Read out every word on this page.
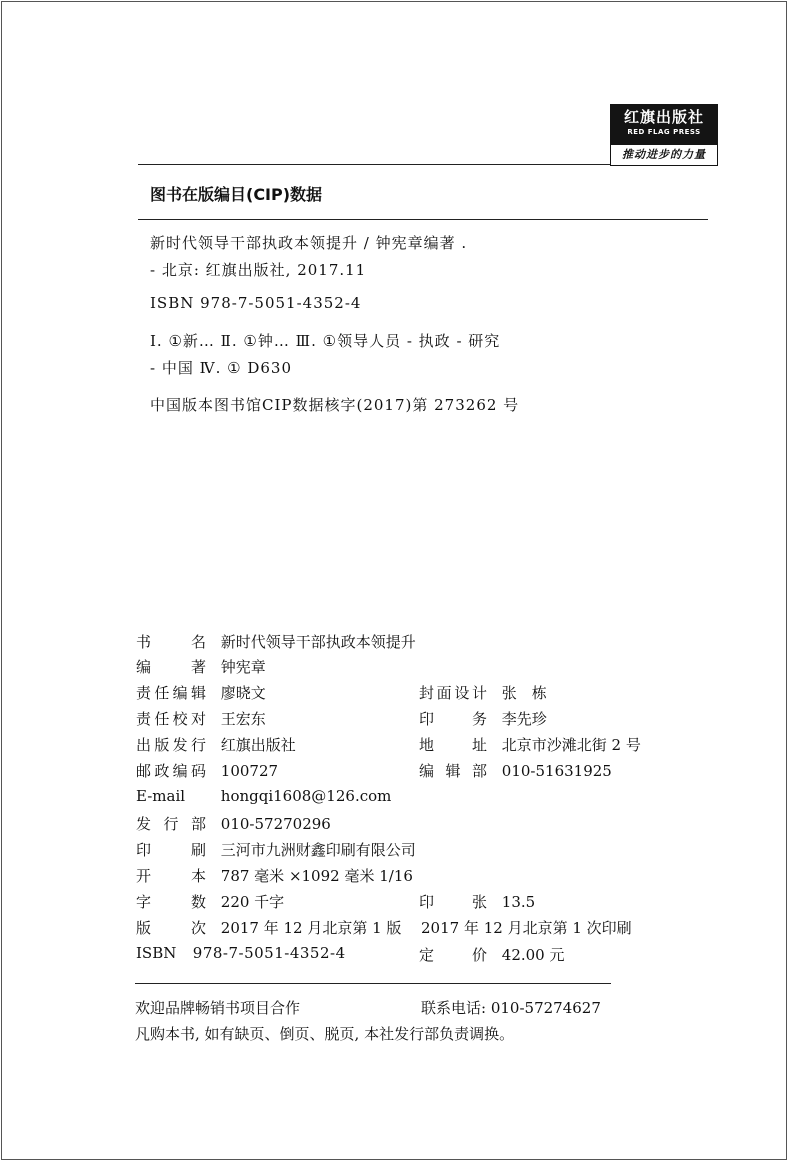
红旗出版社
RED FLAG PRESS
推动进步的力量
图书在版编目(CIP)数据
新时代领导干部执政本领提升 / 钟宪章编著 .
- 北京: 红旗出版社, 2017.11
ISBN 978-7-5051-4352-4
Ⅰ. ①新… Ⅱ. ①钟… Ⅲ. ①领导人员 - 执政 - 研究
- 中国 Ⅳ. ① D630
中国版本图书馆CIP数据核字(2017)第 273262 号
书　　名 新时代领导干部执政本领提升
编　　著 钟宪章
责任编辑 廖晓文
责任校对 王宏东
出版发行 红旗出版社
邮政编码 100727
E-mail hongqi1608@126.com
发 行 部 010-57270296
印　　刷 三河市九洲财鑫印刷有限公司
开　　本 787 毫米 ×1092 毫米 1/16
字　　数 220 千字
版　　次 2017 年 12 月北京第 1 版
ISBN 978-7-5051-4352-4
封面设计 张　栋
印　　务 李先珍
地　　址 北京市沙滩北街 2 号
编 辑 部 010-51631925
印　　张 13.5
2017 年 12 月北京第 1 次印刷
定　　价 42.00 元
欢迎品牌畅销书项目合作	联系电话: 010-57274627
凡购本书, 如有缺页、倒页、脱页, 本社发行部负责调换。
